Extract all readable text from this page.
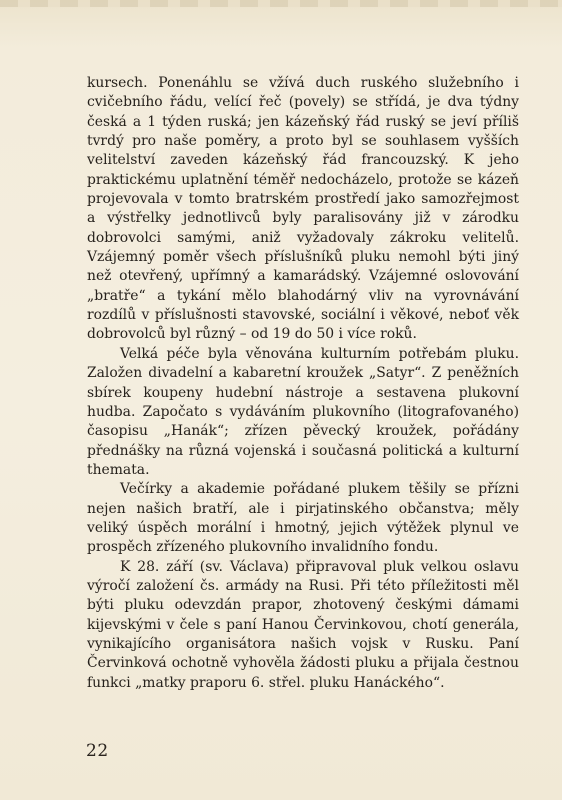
kursech. Ponenáhlu se vžívá duch ruského služebního i cvičebního řádu, velící řeč (povely) se střídá, je dva týdny česká a 1 týden ruská; jen kázeňský řád ruský se jeví příliš tvrdý pro naše poměry, a proto byl se souhlasem vyšších velitelství zaveden kázeňský řád francouzský. K jeho praktickému uplatnění téměř nedocházelo, protože se kázeň projevovala v tomto bratrském prostředí jako samozřejmost a výstřelky jednotlivců byly paralisovány již v zárodku dobrovolci samými, aniž vyžadovaly zákroku velitelů. Vzájemný poměr všech příslušníků pluku nemohl býti jiný než otevřený, upřímný a kamarádský. Vzájemné oslovování „bratře“ a tykání mělo blahodárný vliv na vyrovnávání rozdílů v příslušnosti stavovské, sociální i věkové, neboť věk dobrovolců byl různý – od 19 do 50 i více roků.

Velká péče byla věnována kulturním potřebám pluku. Založen divadelní a kabaretní kroužek „Satyr“. Z peněžních sbírek koupeny hudební nástroje a sestavena plukovní hudba. Započato s vydáváním plukovního (litografovaného) časopisu „Hanák“; zřízen pěvecký kroužek, pořádány přednášky na různá vojenská i současná politická a kulturní themata.

Večírky a akademie pořádané plukem těšily se přízni nejen našich bratří, ale i pirjatinského občanstva; měly veliký úspěch morální i hmotný, jejich výtěžek plynul ve prospěch zřízeného plukovního invalidního fondu.

K 28. září (sv. Václava) připravoval pluk velkou oslavu výročí založení čs. armády na Rusi. Při této příležitosti měl býti pluku odevzdán prapor, zhotovený českými dámami kijevskými v čele s paní Hanou Červinkovou, chotí generála, vynikajícího organisátora našich vojsk v Rusku. Paní Červinková ochotně vyhověla žádosti pluku a přijala čestnou funkci „matky praporu 6. střel. pluku Hanáckého“.

22
